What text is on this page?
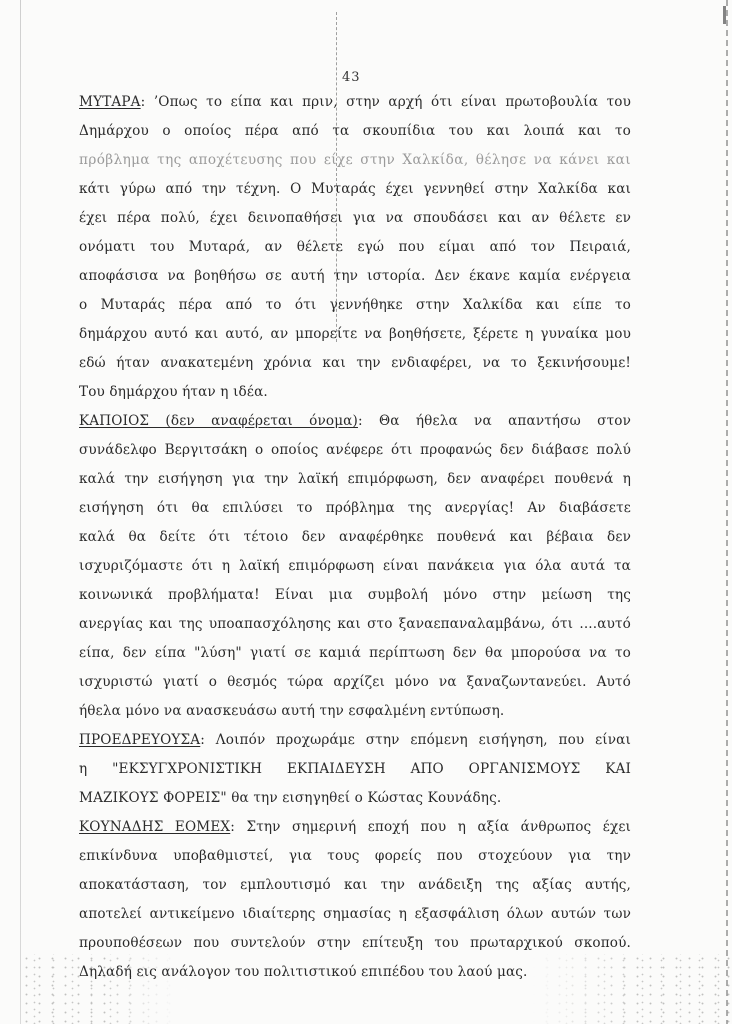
43
ΜΥΤΑΡΑ: ’Οπως το είπα και πριν, στην αρχή ότι είναι πρωτοβουλία του
Δημάρχου ο οποίος πέρα από τα σκουπίδια του και λοιπά και το
πρόβλημα της αποχέτευσης που είχε στην Χαλκίδα, θέλησε να κάνει και
κάτι γύρω από την τέχνη. Ο Μυταράς έχει γεννηθεί στην Χαλκίδα και
έχει πέρα πολύ, έχει δεινοπαθήσει για να σπουδάσει και αν θέλετε εν
ονόματι του Μυταρά, αν θέλετε εγώ που είμαι από τον Πειραιά,
αποφάσισα να βοηθήσω σε αυτή την ιστορία. Δεν έκανε καμία ενέργεια
ο Μυταράς πέρα από το ότι γεννήθηκε στην Χαλκίδα και είπε το
δημάρχου αυτό και αυτό, αν μπορείτε να βοηθήσετε, ξέρετε η γυναίκα μου
εδώ ήταν ανακατεμένη χρόνια και την ενδιαφέρει, να το ξεκινήσουμε!
Του δημάρχου ήταν η ιδέα.
ΚΑΠΟΙΟΣ (δεν αναφέρεται όνομα): Θα ήθελα να απαντήσω στον
συνάδελφο Βεργιτσάκη ο οποίος ανέφερε ότι προφανώς δεν διάβασε πολύ
καλά την εισήγηση για την λαϊκή επιμόρφωση, δεν αναφέρει πουθενά η
εισήγηση ότι θα επιλύσει το πρόβλημα της ανεργίας! Αν διαβάσετε
καλά θα δείτε ότι τέτοιο δεν αναφέρθηκε πουθενά και βέβαια δεν
ισχυριζόμαστε ότι η λαϊκή επιμόρφωση είναι πανάκεια για όλα αυτά τα
κοινωνικά προβλήματα! Είναι μια συμβολή μόνο στην μείωση της
ανεργίας και της υποαπασχόλησης και στο ξαναεπαναλαμβάνω, ότι ....αυτό
είπα, δεν είπα "λύση" γιατί σε καμιά περίπτωση δεν θα μπορούσα να το
ισχυριστώ γιατί ο θεσμός τώρα αρχίζει μόνο να ξαναζωντανεύει. Αυτό
ήθελα μόνο να ανασκευάσω αυτή την εσφαλμένη εντύπωση.
ΠΡΟΕΔΡΕΥΟΥΣΑ: Λοιπόν προχωράμε στην επόμενη εισήγηση, που είναι
η "ΕΚΣΥΓΧΡΟΝΙΣΤΙΚΗ ΕΚΠΑΙΔΕΥΣΗ ΑΠΟ ΟΡΓΑΝΙΣΜΟΥΣ ΚΑΙ
ΜΑΖΙΚΟΥΣ ΦΟΡΕΙΣ" θα την εισηγηθεί ο Κώστας Κουνάδης.
ΚΟΥΝΑΔΗΣ ΕΟΜΕΧ: Στην σημερινή εποχή που η αξία άνθρωπος έχει
επικίνδυνα υποβαθμιστεί, για τους φορείς που στοχεύουν για την
αποκατάσταση, τον εμπλουτισμό και την ανάδειξη της αξίας αυτής,
αποτελεί αντικείμενο ιδιαίτερης σημασίας η εξασφάλιση όλων αυτών των
προυποθέσεων που συντελούν στην επίτευξη του πρωταρχικού σκοπού.
Δηλαδή εις ανάλογον του πολιτιστικού επιπέδου του λαού μας.
